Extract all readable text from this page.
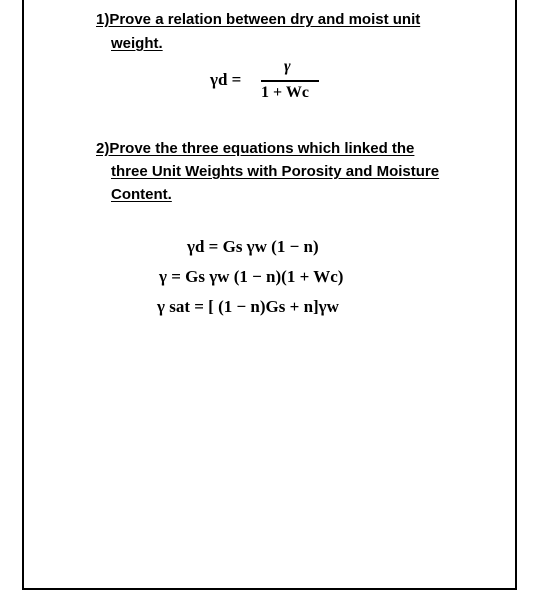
1)Prove a relation between dry and moist unit
weight.
γd =
γ
1 + Wc
2)Prove the three equations which linked the
three Unit Weights with Porosity and Moisture
Content.
γd = Gs γw (1 − n)
γ = Gs γw (1 − n)(1 + Wc)
γ sat = [ (1 − n)Gs + n]γw
